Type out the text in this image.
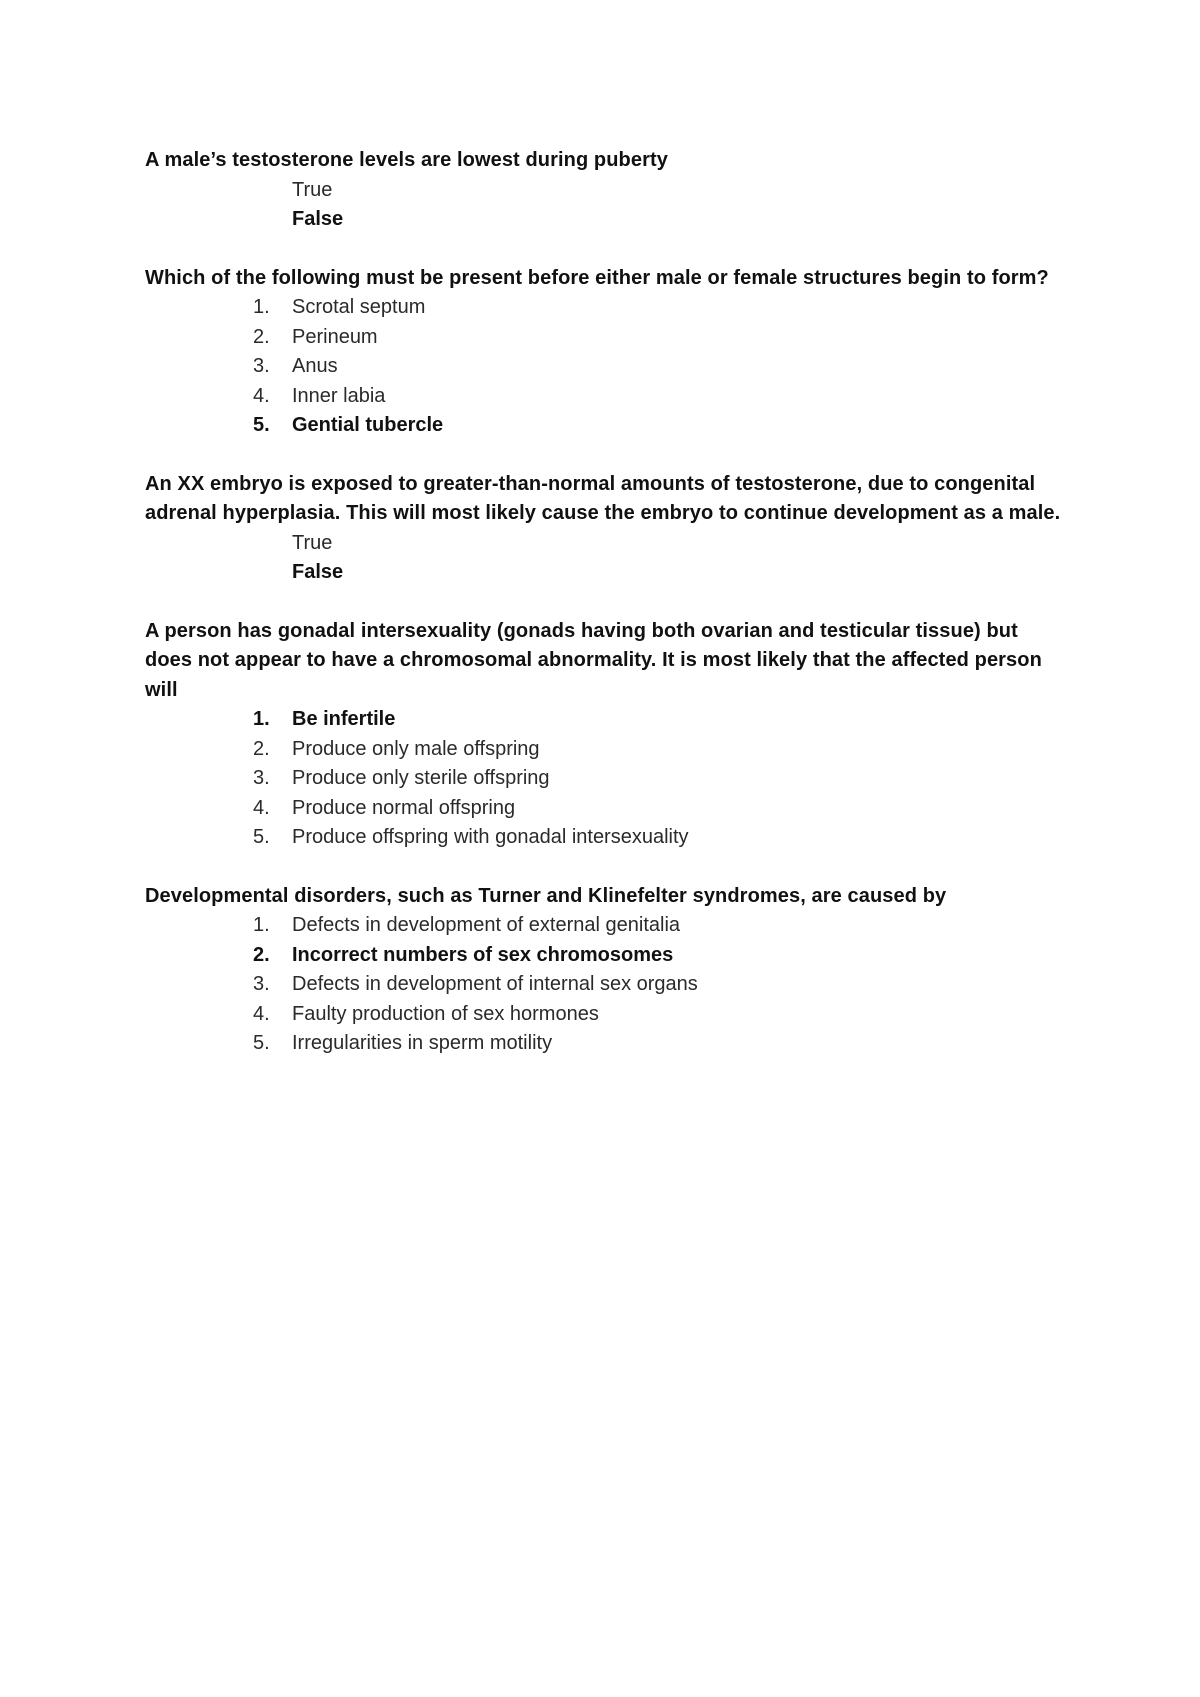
A male’s testosterone levels are lowest during puberty

True
False

Which of the following must be present before either male or female structures begin to form?

1.	Scrotal septum
2.	Perineum
3.	Anus
4.	Inner labia
5.	Gential tubercle

An XX embryo is exposed to greater-than-normal amounts of testosterone, due to congenital adrenal hyperplasia. This will most likely cause the embryo to continue development as a male.

True
False

A person has gonadal intersexuality (gonads having both ovarian and testicular tissue) but does not appear to have a chromosomal abnormality. It is most likely that the affected person will

1.	Be infertile
2.	Produce only male offspring
3.	Produce only sterile offspring
4.	Produce normal offspring
5.	Produce offspring with gonadal intersexuality

Developmental disorders, such as Turner and Klinefelter syndromes, are caused by

1.	Defects in development of external genitalia
2.	Incorrect numbers of sex chromosomes
3.	Defects in development of internal sex organs
4.	Faulty production of sex hormones
5.	Irregularities in sperm motility
